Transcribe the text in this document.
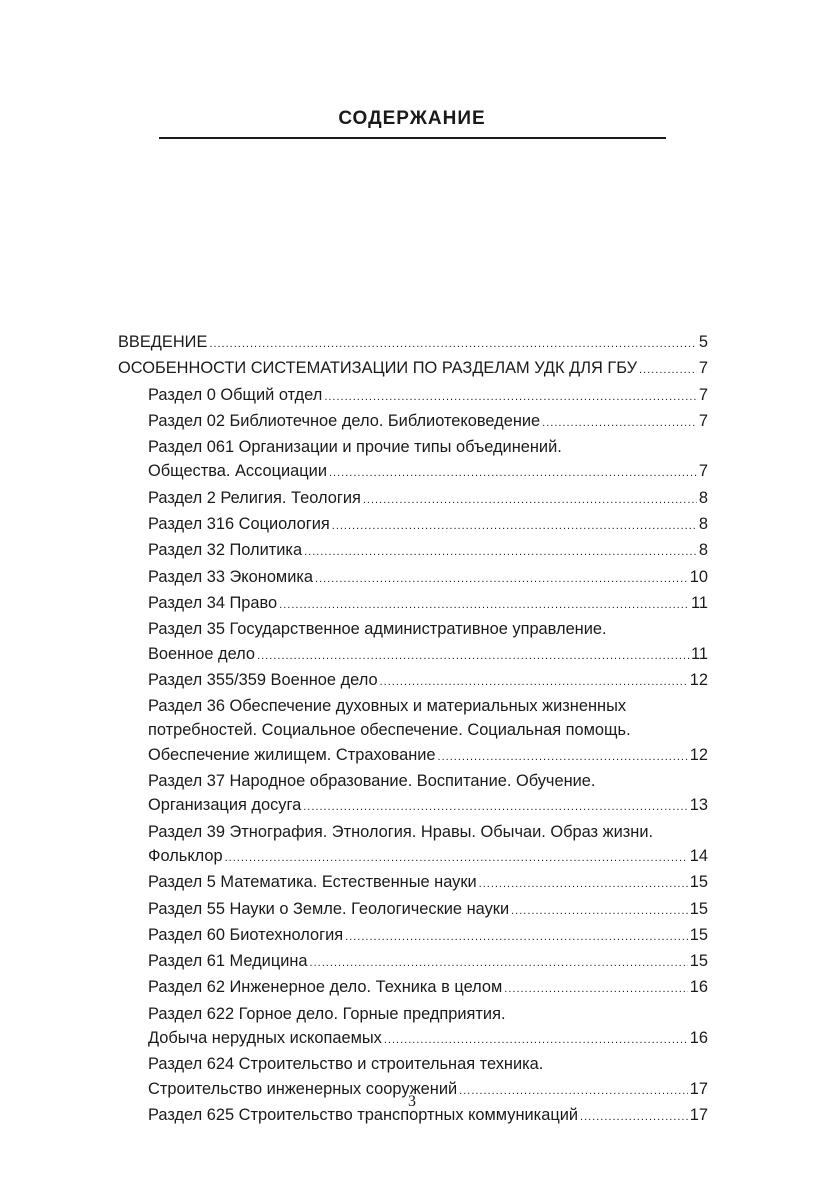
СОДЕРЖАНИЕ
ВВЕДЕНИЕ .....	5
ОСОБЕННОСТИ СИСТЕМАТИЗАЦИИ ПО РАЗДЕЛАМ УДК ДЛЯ ГБУ .....	7
Раздел 0 Общий отдел .....	7
Раздел 02 Библиотечное дело. Библиотековедение .....	7
Раздел 061 Организации и прочие типы объединений.
Общества. Ассоциации .....	7
Раздел 2 Религия. Теология .....	8
Раздел 316 Социология .....	8
Раздел 32 Политика .....	8
Раздел 33 Экономика .....	10
Раздел 34 Право .....	11
Раздел 35 Государственное административное управление.
Военное дело .....	11
Раздел 355/359 Военное дело .....	12
Раздел 36 Обеспечение духовных и материальных жизненных
потребностей. Социальное обеспечение. Социальная помощь.
Обеспечение жилищем. Страхование .....	12
Раздел 37 Народное образование. Воспитание. Обучение.
Организация досуга .....	13
Раздел 39 Этнография. Этнология. Нравы. Обычаи. Образ жизни.
Фольклор .....	14
Раздел 5 Математика. Естественные науки .....	15
Раздел 55 Науки о Земле. Геологические науки .....	15
Раздел 60 Биотехнология .....	15
Раздел 61 Медицина .....	15
Раздел 62 Инженерное дело. Техника в целом .....	16
Раздел 622 Горное дело. Горные предприятия.
Добыча нерудных ископаемых .....	16
Раздел 624 Строительство и строительная техника.
Строительство инженерных сооружений .....	17
Раздел 625 Строительство транспортных коммуникаций .....	17
3
